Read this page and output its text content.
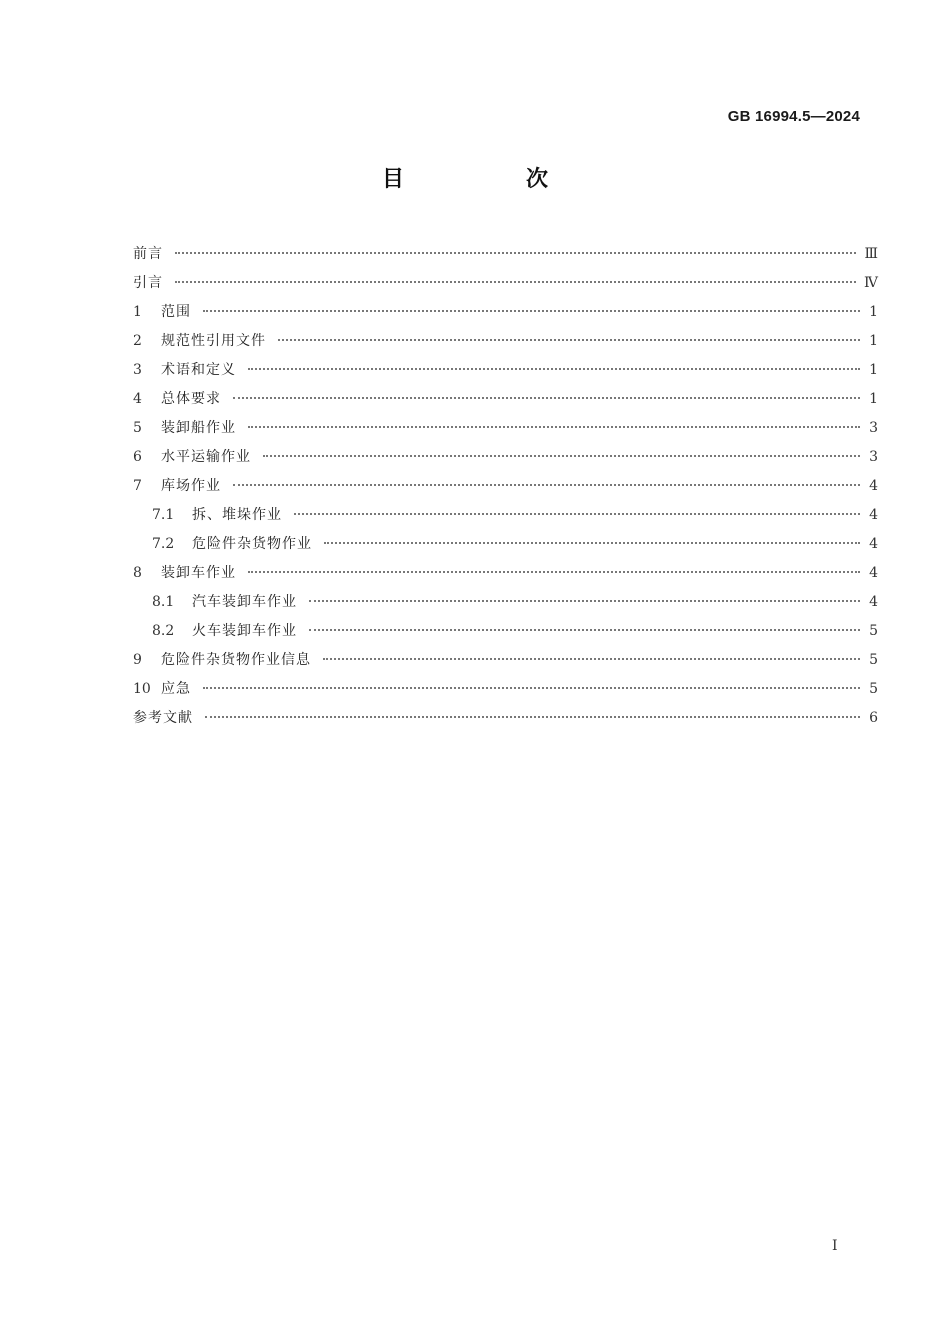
GB 16994.5—2024
目　次
前言	Ⅲ
引言	Ⅳ
1	范围	1
2	规范性引用文件	1
3	术语和定义	1
4	总体要求	1
5	装卸船作业	3
6	水平运输作业	3
7	库场作业	4
7.1	拆、堆垛作业	4
7.2	危险件杂货物作业	4
8	装卸车作业	4
8.1	汽车装卸车作业	4
8.2	火车装卸车作业	5
9	危险件杂货物作业信息	5
10 应急	5
参考文献	6
Ⅰ
